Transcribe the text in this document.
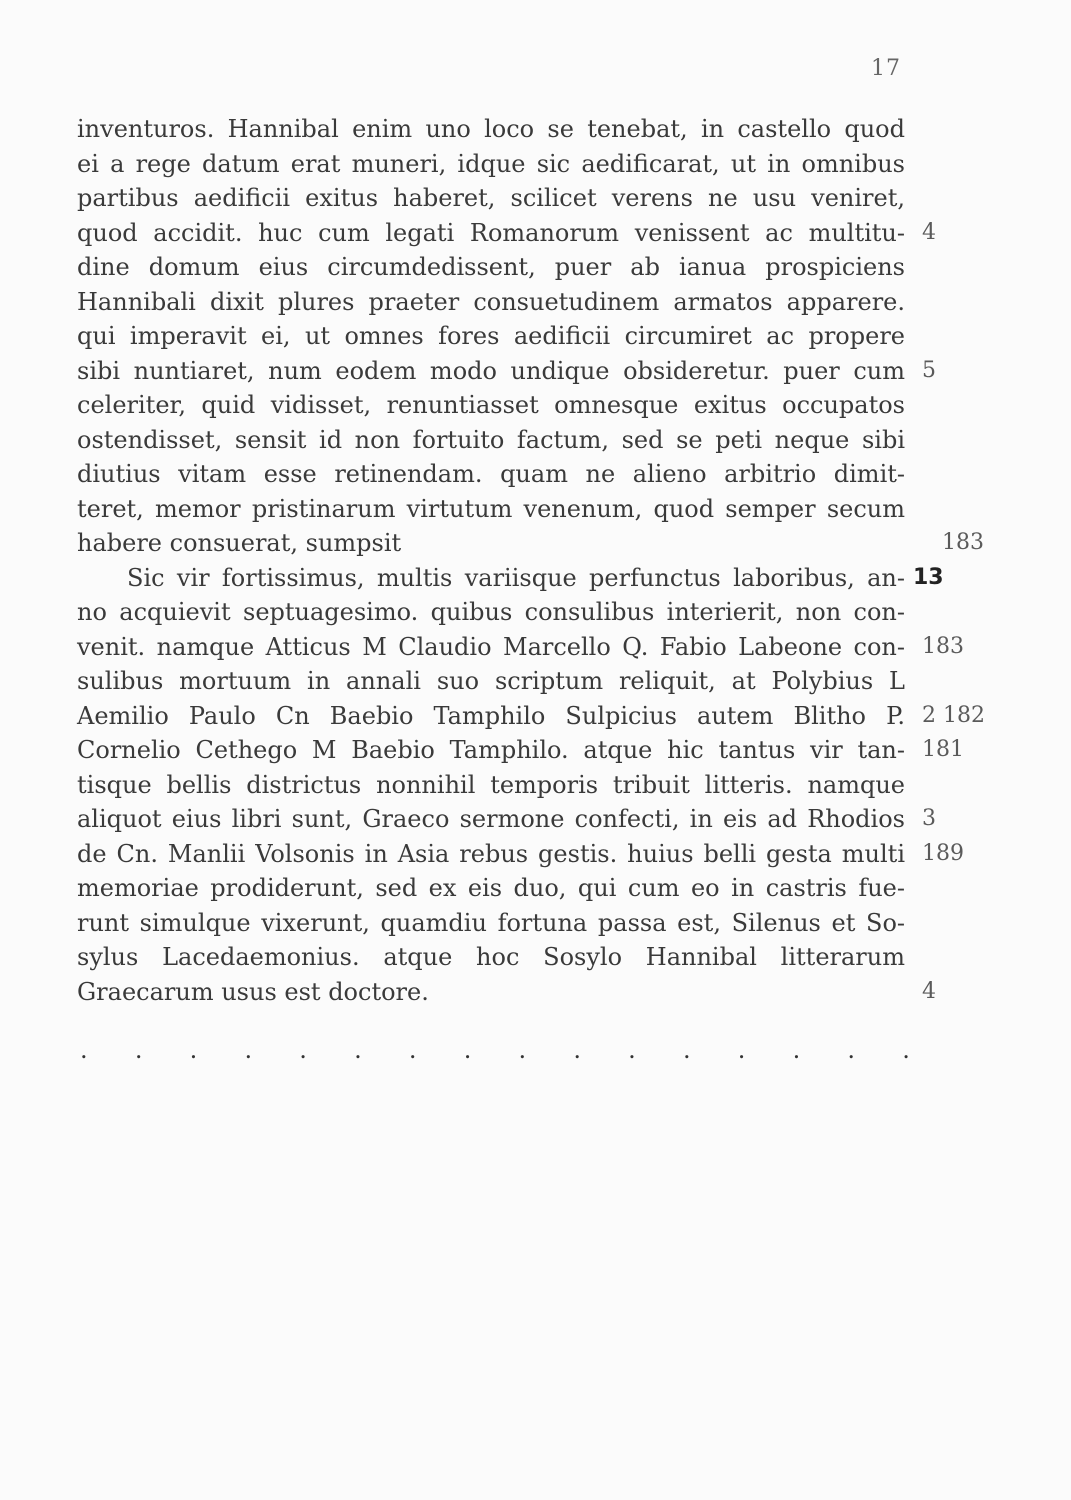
17
inventuros. Hannibal enim uno loco se tenebat, in castello quod
ei a rege datum erat muneri, idque sic aedificarat, ut in omnibus
partibus aedificii exitus haberet, scilicet verens ne usu veniret,
quod accidit. huc cum legati Romanorum venissent ac multitu- 4
dine domum eius circumdedissent, puer ab ianua prospiciens
Hannibali dixit plures praeter consuetudinem armatos apparere.
qui imperavit ei, ut omnes fores aedificii circumiret ac propere
sibi nuntiaret, num eodem modo undique obsideretur. puer cum 5
celeriter, quid vidisset, renuntiasset omnesque exitus occupatos
ostendisset, sensit id non fortuito factum, sed se peti neque sibi
diutius vitam esse retinendam. quam ne alieno arbitrio dimit-
teret, memor pristinarum virtutum venenum, quod semper secum
habere consuerat, sumpsit	183
Sic vir fortissimus, multis variisque perfunctus laboribus, an- 13
no acquievit septuagesimo. quibus consulibus interierit, non con-
venit. namque Atticus M Claudio Marcello Q. Fabio Labeone con- 183
sulibus mortuum in annali suo scriptum reliquit, at Polybius L
Aemilio Paulo Cn Baebio Tamphilo Sulpicius autem Blitho P. 2 182
Cornelio Cethego M Baebio Tamphilo. atque hic tantus vir tan- 181
tisque bellis districtus nonnihil temporis tribuit litteris. namque
aliquot eius libri sunt, Graeco sermone confecti, in eis ad Rhodios 3
de Cn. Manlii Volsonis in Asia rebus gestis. huius belli gesta multi 189
memoriae prodiderunt, sed ex eis duo, qui cum eo in castris fue-
runt simulque vixerunt, quamdiu fortuna passa est, Silenus et So-
sylus Lacedaemonius. atque hoc Sosylo Hannibal litterarum
Graecarum usus est doctore.	4
. . . . . . . . . . . . . . . .
